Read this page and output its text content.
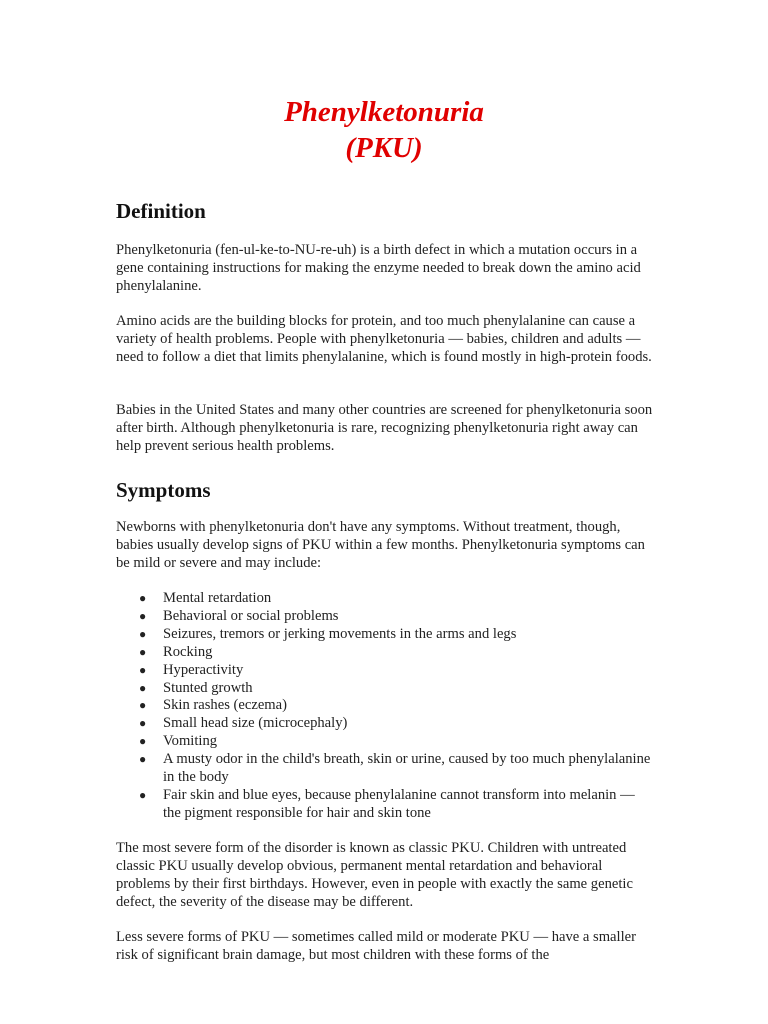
Phenylketonuria
(PKU)
Definition

Phenylketonuria (fen-ul-ke-to-NU-re-uh) is a birth defect in which a mutation occurs in a gene containing instructions for making the enzyme needed to break down the amino acid phenylalanine.

Amino acids are the building blocks for protein, and too much phenylalanine can cause a variety of health problems. People with phenylketonuria — babies, children and adults — need to follow a diet that limits phenylalanine, which is found mostly in high-protein foods.

Babies in the United States and many other countries are screened for phenylketonuria soon after birth. Although phenylketonuria is rare, recognizing phenylketonuria right away can help prevent serious health problems.

Symptoms

Newborns with phenylketonuria don't have any symptoms. Without treatment, though, babies usually develop signs of PKU within a few months. Phenylketonuria symptoms can be mild or severe and may include:

● Mental retardation
● Behavioral or social problems
● Seizures, tremors or jerking movements in the arms and legs
● Rocking
● Hyperactivity
● Stunted growth
● Skin rashes (eczema)
● Small head size (microcephaly)
● Vomiting
● A musty odor in the child's breath, skin or urine, caused by too much phenylalanine in the body
● Fair skin and blue eyes, because phenylalanine cannot transform into melanin — the pigment responsible for hair and skin tone

The most severe form of the disorder is known as classic PKU. Children with untreated classic PKU usually develop obvious, permanent mental retardation and behavioral problems by their first birthdays. However, even in people with exactly the same genetic defect, the severity of the disease may be different.

Less severe forms of PKU — sometimes called mild or moderate PKU — have a smaller risk of significant brain damage, but most children with these forms of the
